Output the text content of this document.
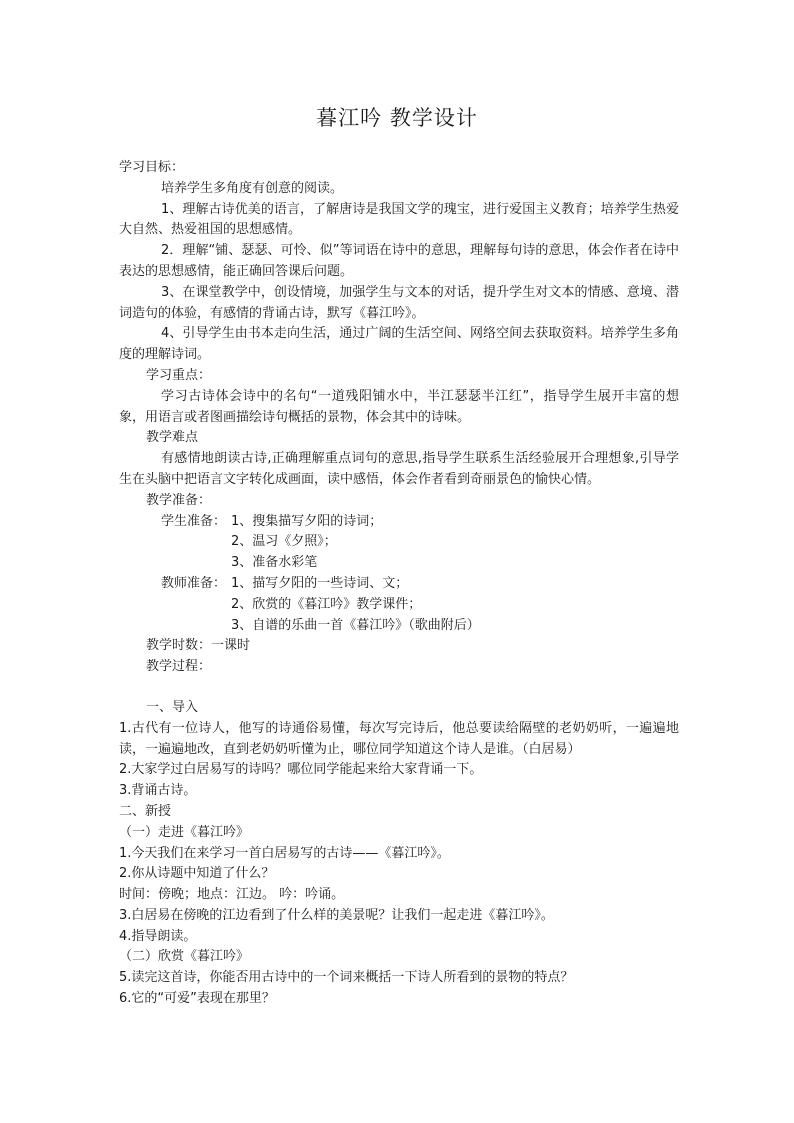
暮江吟 教学设计

学习目标：

培养学生多角度有创意的阅读。

1、理解古诗优美的语言，了解唐诗是我国文学的瑰宝，进行爱国主义教育；培养学生热爱大自然、热爱祖国的思想感情。

2．理解“铺、瑟瑟、可怜、似”等词语在诗中的意思，理解每句诗的意思，体会作者在诗中表达的思想感情，能正确回答课后问题。

3、在课堂教学中，创设情境，加强学生与文本的对话，提升学生对文本的情感、意境、潜词造句的体验，有感情的背诵古诗，默写《暮江吟》。

4、引导学生由书本走向生活，通过广阔的生活空间、网络空间去获取资料。培养学生多角度的理解诗词。

学习重点：

学习古诗体会诗中的名句“一道残阳铺水中，半江瑟瑟半江红”，指导学生展开丰富的想象，用语言或者图画描绘诗句概括的景物，体会其中的诗味。

教学难点

有感情地朗读古诗,正确理解重点词句的意思,指导学生联系生活经验展开合理想象,引导学生在头脑中把语言文字转化成画面，读中感悟，体会作者看到奇丽景色的愉快心情。

教学准备：

学生准备： 1、搜集描写夕阳的诗词；

2、温习《夕照》；

3、准备水彩笔

教师准备： 1、描写夕阳的一些诗词、文；

2、欣赏的《暮江吟》教学课件；

3、自谱的乐曲一首《暮江吟》（歌曲附后）

教学时数：一课时

教学过程：

一、导入

1.古代有一位诗人，他写的诗通俗易懂，每次写完诗后，他总要读给隔壁的老奶奶听，一遍遍地读，一遍遍地改，直到老奶奶听懂为止，哪位同学知道这个诗人是谁。（白居易）

2.大家学过白居易写的诗吗？哪位同学能起来给大家背诵一下。

3.背诵古诗。

二、新授

（一）走进《暮江吟》

1.今天我们在来学习一首白居易写的古诗——《暮江吟》。

2.你从诗题中知道了什么？

时间：傍晚；地点：江边。 吟：吟诵。

3.白居易在傍晚的江边看到了什么样的美景呢？让我们一起走进《暮江吟》。

4.指导朗读。

（二）欣赏《暮江吟》

5.读完这首诗，你能否用古诗中的一个词来概括一下诗人所看到的景物的特点？

6.它的“可爱”表现在那里？
